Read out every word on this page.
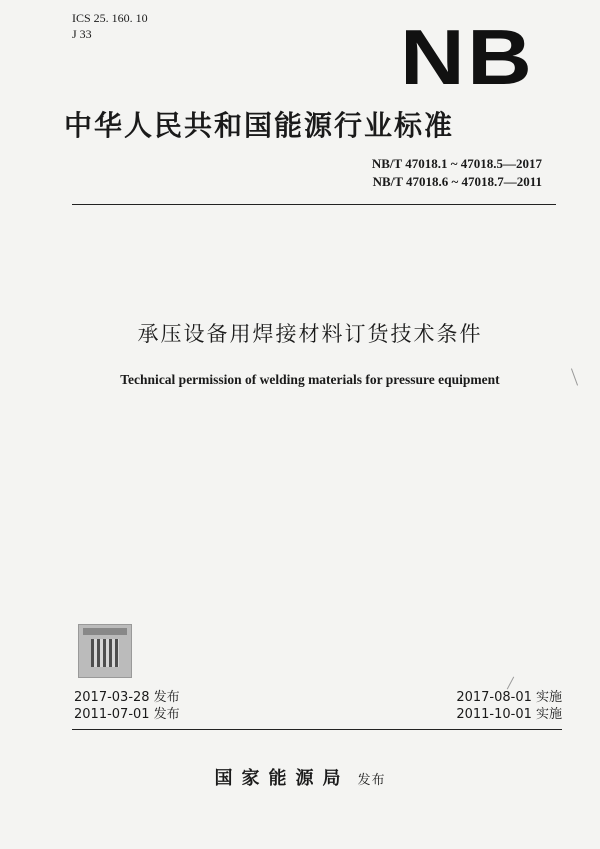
ICS 25. 160. 10
J 33	NB
中华人民共和国能源行业标准
NB/T 47018.1 ~ 47018.5—2017
NB/T 47018.6 ~ 47018.7—2011
承压设备用焊接材料订货技术条件
Technical permission of welding materials for pressure equipment
2017-03-28 发布
2011-07-01 发布
2017-08-01 实施
2011-10-01 实施
国家能源局 发布
